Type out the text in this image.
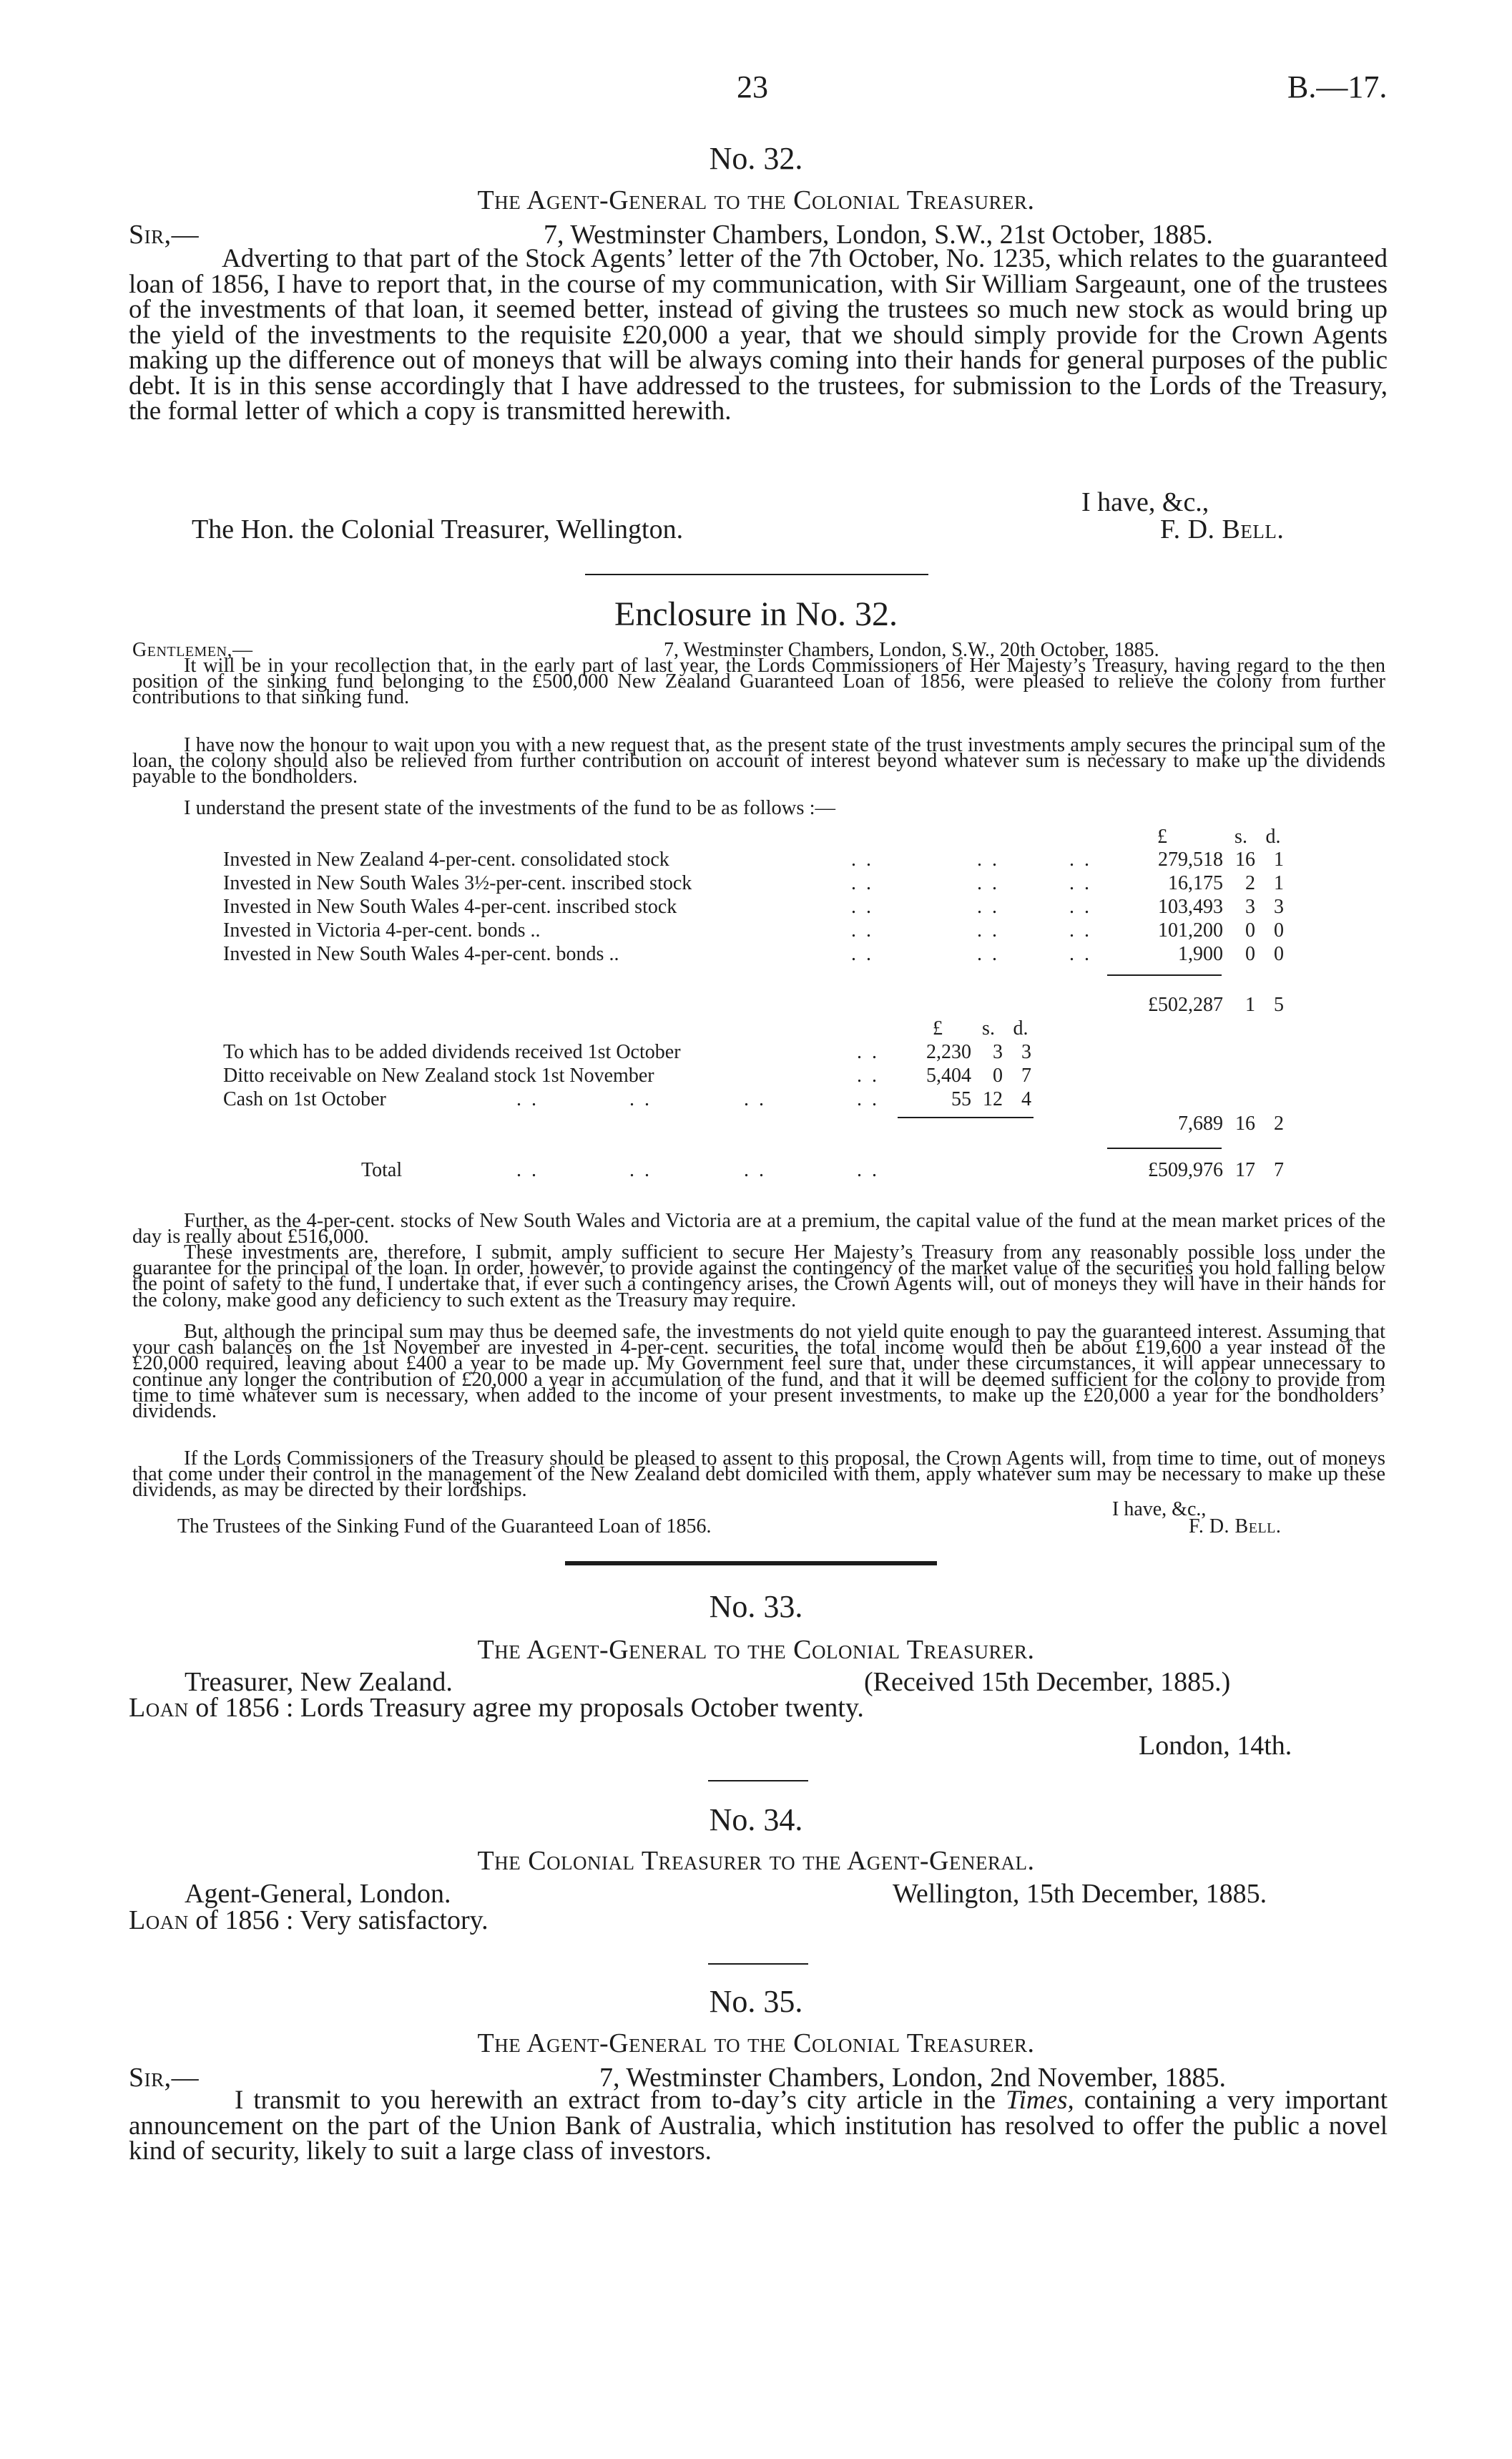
23	B.—17.
No. 32.
The Agent-General to the Colonial Treasurer.
Sir,—	7, Westminster Chambers, London, S.W., 21st October, 1885.
Adverting to that part of the Stock Agents’ letter of the 7th October, No. 1235, which relates to the guaranteed loan of 1856, I have to report that, in the course of my communication, with Sir William Sargeaunt, one of the trustees of the investments of that loan, it seemed better, instead of giving the trustees so much new stock as would bring up the yield of the investments to the requisite £20,000 a year, that we should simply provide for the Crown Agents making up the difference out of moneys that will be always coming into their hands for general purposes of the public debt. It is in this sense accordingly that I have addressed to the trustees, for submission to the Lords of the Treasury, the formal letter of which a copy is transmitted herewith.
I have, &c.,
The Hon. the Colonial Treasurer, Wellington.	F. D. Bell.
Enclosure in No. 32.
Gentlemen,—	7, Westminster Chambers, London, S.W., 20th October, 1885.
It will be in your recollection that, in the early part of last year, the Lords Commissioners of Her Majesty’s Treasury, having regard to the then position of the sinking fund belonging to the £500,000 New Zealand Guaranteed Loan of 1856, were pleased to relieve the colony from further contributions to that sinking fund.
I have now the honour to wait upon you with a new request that, as the present state of the trust investments amply secures the principal sum of the loan, the colony should also be relieved from further contribution on account of interest beyond whatever sum is necessary to make up the dividends payable to the bondholders.
I understand the present state of the investments of the fund to be as follows :—
£	s. d.
Invested in New Zealand 4-per-cent. consolidated stock	..	..	..	279,518 16 1
Invested in New South Wales 3½-per-cent. inscribed stock	..	..	..	16,175	2 1
Invested in New South Wales 4-per-cent. inscribed stock	..	..	..	103,493	3 3
Invested in Victoria 4-per-cent. bonds ..	..	..	..	101,200	0 0
Invested in New South Wales 4-per-cent. bonds ..	..	..	..	1,900	0 0
£502,287	1 5
£	s. d.
To which has to be added dividends received 1st October	..	2,230	3 3
Ditto receivable on New Zealand stock 1st November	..	5,404	0 7
Cash on 1st October	..	..	..	..	55 12 4
7,689 16 2
Total	..	..	..	..	£509,976 17 7
Further, as the 4-per-cent. stocks of New South Wales and Victoria are at a premium, the capital value of the fund at the mean market prices of the day is really about £516,000.
These investments are, therefore, I submit, amply sufficient to secure Her Majesty’s Treasury from any reasonably possible loss under the guarantee for the principal of the loan. In order, however, to provide against the contingency of the market value of the securities you hold falling below the point of safety to the fund, I undertake that, if ever such a contingency arises, the Crown Agents will, out of moneys they will have in their hands for the colony, make good any deficiency to such extent as the Treasury may require.
But, although the principal sum may thus be deemed safe, the investments do not yield quite enough to pay the guaranteed interest. Assuming that your cash balances on the 1st November are invested in 4-per-cent. securities, the total income would then be about £19,600 a year instead of the £20,000 required, leaving about £400 a year to be made up. My Government feel sure that, under these circumstances, it will appear unnecessary to continue any longer the contribution of £20,000 a year in accumulation of the fund, and that it will be deemed sufficient for the colony to provide from time to time whatever sum is necessary, when added to the income of your present investments, to make up the £20,000 a year for the bondholders’ dividends.
If the Lords Commissioners of the Treasury should be pleased to assent to this proposal, the Crown Agents will, from time to time, out of moneys that come under their control in the management of the New Zealand debt domiciled with them, apply whatever sum may be necessary to make up these dividends, as may be directed by their lordships.
I have, &c.,
The Trustees of the Sinking Fund of the Guaranteed Loan of 1856.	F. D. Bell.
No. 33.
The Agent-General to the Colonial Treasurer.
Treasurer, New Zealand.	(Received 15th December, 1885.)
Loan of 1856 : Lords Treasury agree my proposals October twenty.
London, 14th.
No. 34.
The Colonial Treasurer to the Agent-General.
Agent-General, London.	Wellington, 15th December, 1885.
Loan of 1856 : Very satisfactory.
No. 35.
The Agent-General to the Colonial Treasurer.
Sir,—	7, Westminster Chambers, London, 2nd November, 1885.
I transmit to you herewith an extract from to-day’s city article in the Times, containing a very important announcement on the part of the Union Bank of Australia, which institution has resolved to offer the public a novel kind of security, likely to suit a large class of investors.
